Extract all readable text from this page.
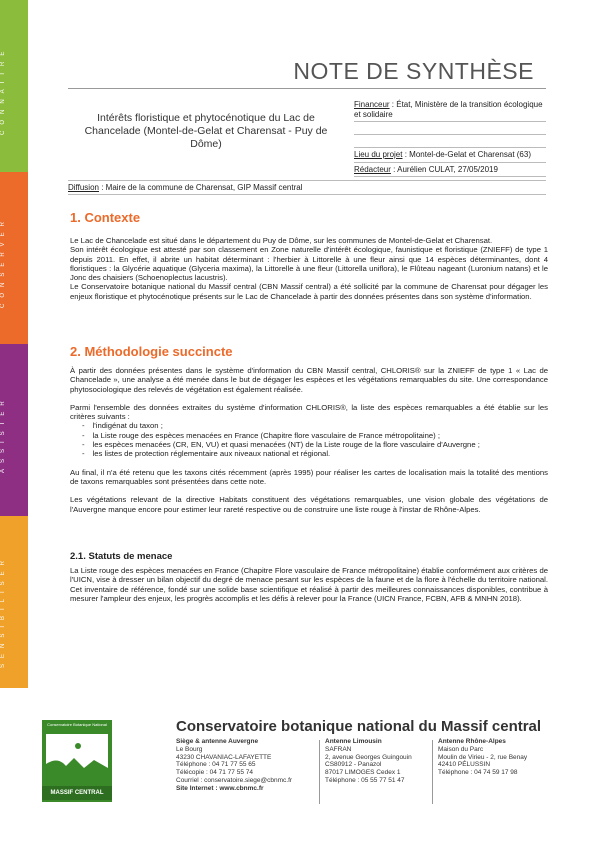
CONNAÎTRE
CONSERVER
ASSISTER
SENSIBILISER
NOTE DE SYNTHÈSE
Intérêts floristique et phytocénotique du Lac de Chancelade (Montel-de-Gelat et Charensat - Puy de Dôme)
Financeur : État, Ministère de la transition écologique et solidaire
Lieu du projet : Montel-de-Gelat et Charensat (63)
Rédacteur : Aurélien CULAT, 27/05/2019
Diffusion : Maire de la commune de Charensat, GIP Massif central
1. Contexte

Le Lac de Chancelade est situé dans le département du Puy de Dôme, sur les communes de Montel-de-Gelat et Charensat.

Son intérêt écologique est attesté par son classement en Zone naturelle d'intérêt écologique, faunistique et floristique (ZNIEFF) de type 1 depuis 2011. En effet, il abrite un habitat déterminant : l'herbier à Littorelle à une fleur ainsi que 14 espèces déterminantes, dont 4 floristiques : la Glycérie aquatique (Glyceria maxima), la Littorelle à une fleur (Littorella uniflora), le Flûteau nageant (Luronium natans) et le Jonc des chaisiers (Schoenoplectus lacustris).

Le Conservatoire botanique national du Massif central (CBN Massif central) a été sollicité par la commune de Charensat pour dégager les enjeux floristique et phytocénotique présents sur le Lac de Chancelade à partir des données présentes dans son système d'information.

2. Méthodologie succincte

À partir des données présentes dans le système d'information du CBN Massif central, CHLORIS® sur la ZNIEFF de type 1 « Lac de Chancelade », une analyse a été menée dans le but de dégager les espèces et les végétations remarquables du site. Une correspondance phytosociologique des relevés de végétation est également réalisée.

Parmi l'ensemble des données extraites du système d'information CHLORIS®, la liste des espèces remarquables a été établie sur les critères suivants :

- l'indigénat du taxon ;
- la Liste rouge des espèces menacées en France (Chapitre flore vasculaire de France métropolitaine) ;
- les espèces menacées (CR, EN, VU) et quasi menacées (NT) de la Liste rouge de la flore vasculaire d'Auvergne ;
- les listes de protection réglementaire aux niveaux national et régional.

Au final, il n'a été retenu que les taxons cités récemment (après 1995) pour réaliser les cartes de localisation mais la totalité des mentions de taxons remarquables sont présentées dans cette note.

Les végétations relevant de la directive Habitats constituent des végétations remarquables, une vision globale des végétations de l'Auvergne manque encore pour estimer leur rareté respective ou de construire une liste rouge à l'instar de Rhône-Alpes.

2.1. Statuts de menace

La Liste rouge des espèces menacées en France (Chapitre Flore vasculaire de France métropolitaine) établie conformément aux critères de l'UICN, vise à dresser un bilan objectif du degré de menace pesant sur les espèces de la faune et de la flore à l'échelle du territoire national. Cet inventaire de référence, fondé sur une solide base scientifique et réalisé à partir des meilleures connaissances disponibles, contribue à mesurer l'ampleur des enjeux, les progrès accomplis et les défis à relever pour la France (UICN France, FCBN, AFB & MNHN 2018).

Conservatoire Botanique National
MASSIF CENTRAL
Conservatoire botanique national du Massif central
Siège & antenne Auvergne
Le Bourg
43230 CHAVANIAC-LAFAYETTE
Téléphone : 04 71 77 55 65
Télécopie : 04 71 77 55 74
Courriel : conservatoire.siege@cbnmc.fr
Site Internet : www.cbnmc.fr
Antenne Limousin
SAFRAN
2, avenue Georges Guingouin
CS80912 - Panazol
87017 LIMOGES Cedex 1
Téléphone : 05 55 77 51 47
Antenne Rhône-Alpes
Maison du Parc
Moulin de Virieu - 2, rue Benay
42410 PÉLUSSIN
Téléphone : 04 74 59 17 98
